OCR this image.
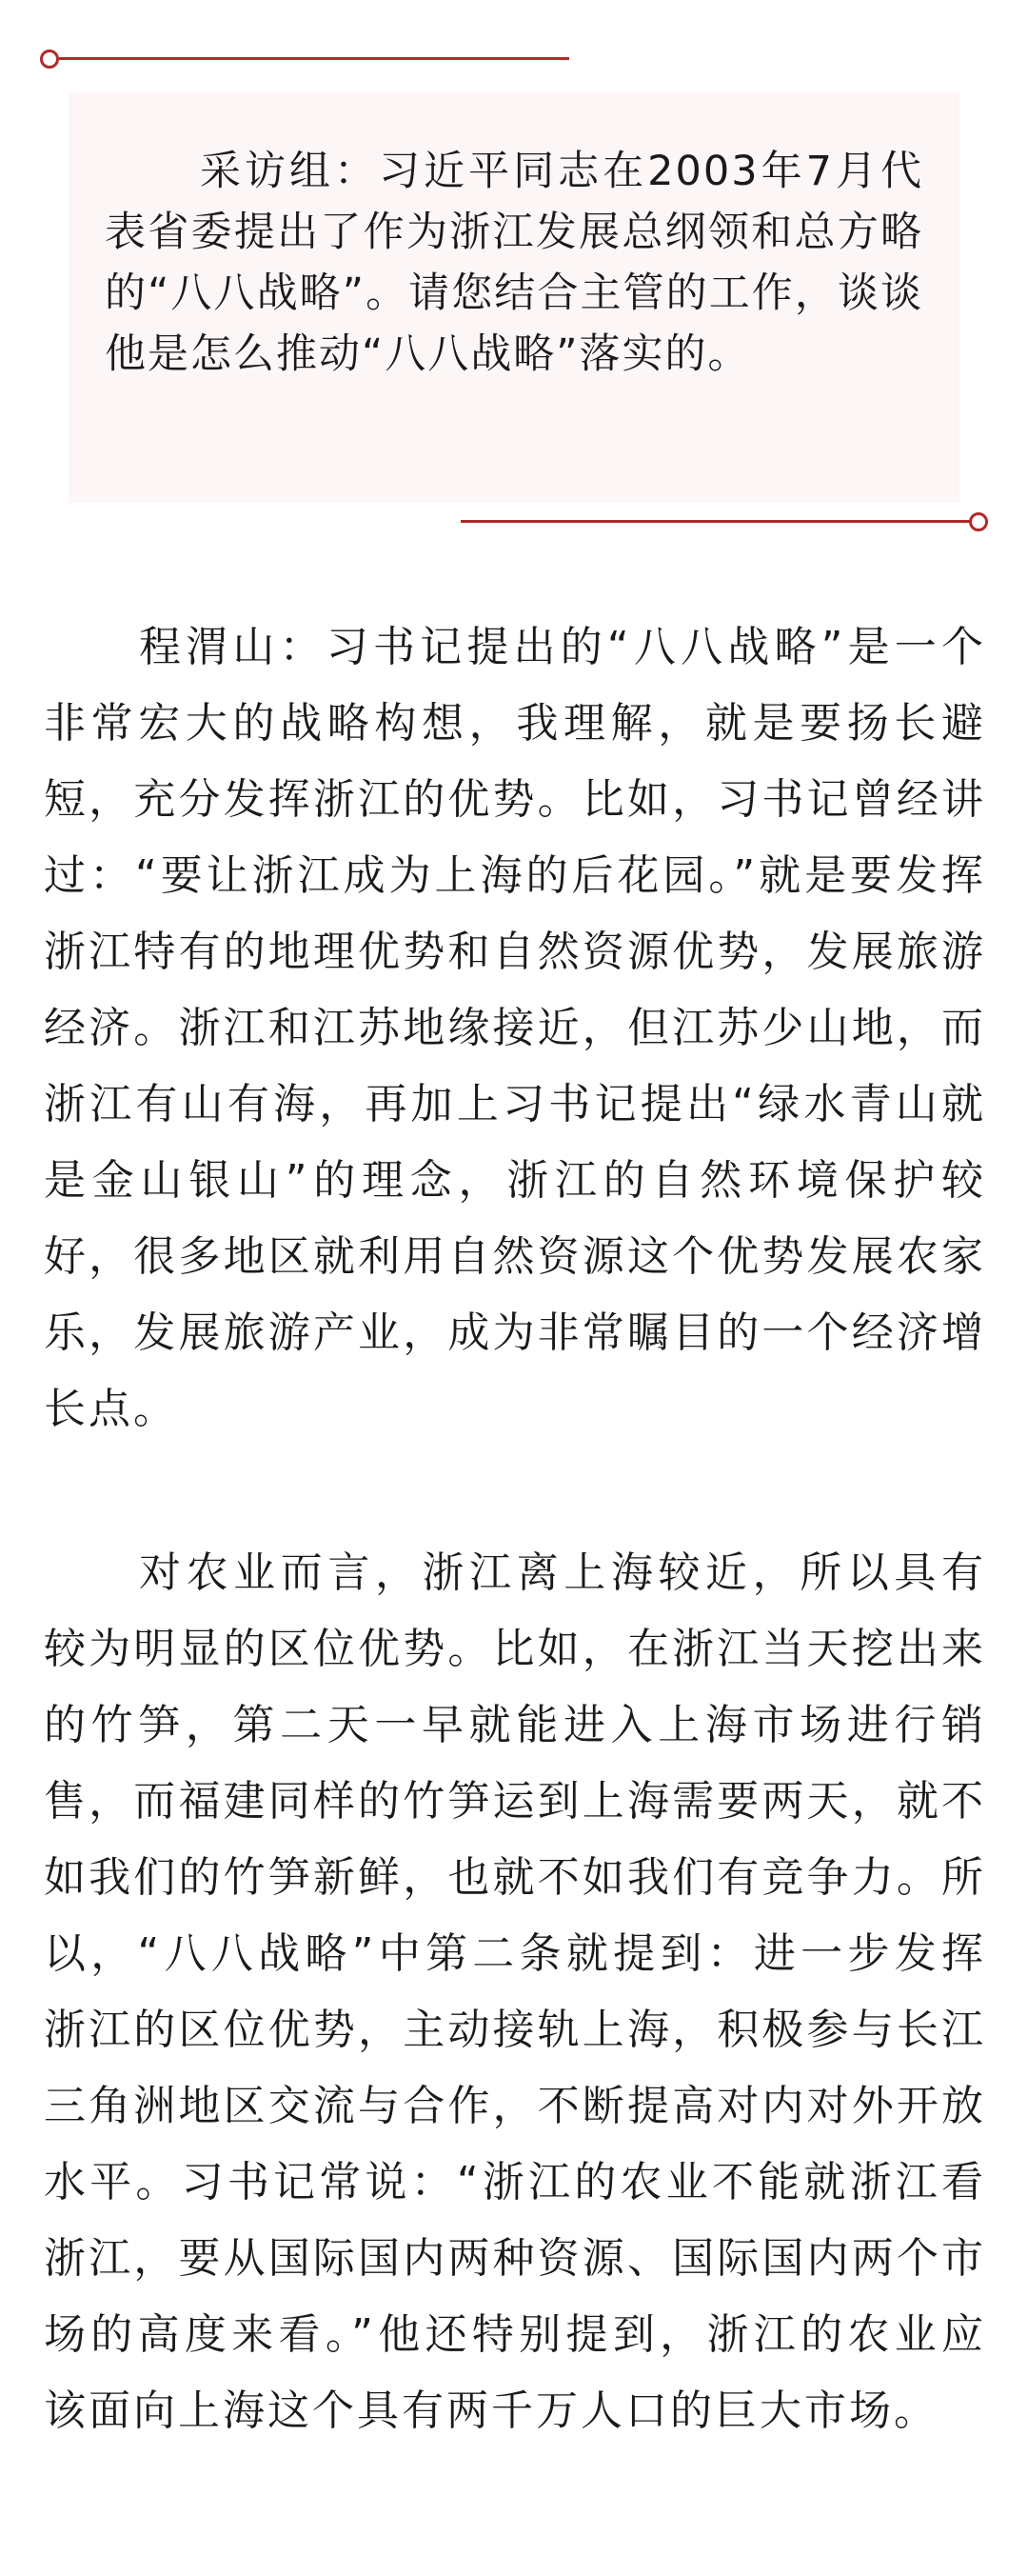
采访组：习近平同志在2003年7月代表省委提出了作为浙江发展总纲领和总方略的“八八战略”。请您结合主管的工作，谈谈他是怎么推动“八八战略”落实的。

程渭山：习书记提出的“八八战略”是一个非常宏大的战略构想，我理解，就是要扬长避短，充分发挥浙江的优势。比如，习书记曾经讲过：“要让浙江成为上海的后花园。”就是要发挥浙江特有的地理优势和自然资源优势，发展旅游经济。浙江和江苏地缘接近，但江苏少山地，而浙江有山有海，再加上习书记提出“绿水青山就是金山银山”的理念，浙江的自然环境保护较好，很多地区就利用自然资源这个优势发展农家乐，发展旅游产业，成为非常瞩目的一个经济增长点。

对农业而言，浙江离上海较近，所以具有较为明显的区位优势。比如，在浙江当天挖出来的竹笋，第二天一早就能进入上海市场进行销售，而福建同样的竹笋运到上海需要两天，就不如我们的竹笋新鲜，也就不如我们有竞争力。所以，“八八战略”中第二条就提到：进一步发挥浙江的区位优势，主动接轨上海，积极参与长江三角洲地区交流与合作，不断提高对内对外开放水平。习书记常说：“浙江的农业不能就浙江看浙江，要从国际国内两种资源、国际国内两个市场的高度来看。”他还特别提到，浙江的农业应该面向上海这个具有两千万人口的巨大市场。
